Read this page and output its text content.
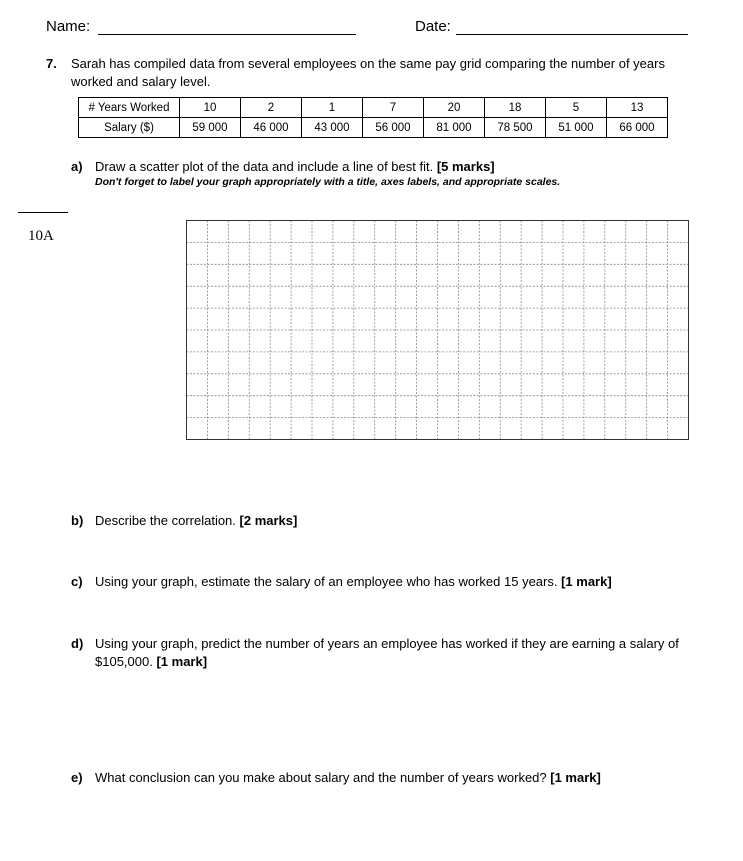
Name:	Date:
7. Sarah has compiled data from several employees on the same pay grid comparing the number of years
worked and salary level.
# Years Worked	10	2	1	7	20	18	5	13
Salary ($)	59 000	46 000	43 000	56 000	81 000	78 500	51 000	66 000
a) Draw a scatter plot of the data and include a line of best fit. [5 marks]
Don't forget to label your graph appropriately with a title, axes labels, and appropriate scales.
10A
b) Describe the correlation. [2 marks]
c) Using your graph, estimate the salary of an employee who has worked 15 years. [1 mark]
d) Using your graph, predict the number of years an employee has worked if they are earning a salary of
$105,000. [1 mark]
e) What conclusion can you make about salary and the number of years worked? [1 mark]
